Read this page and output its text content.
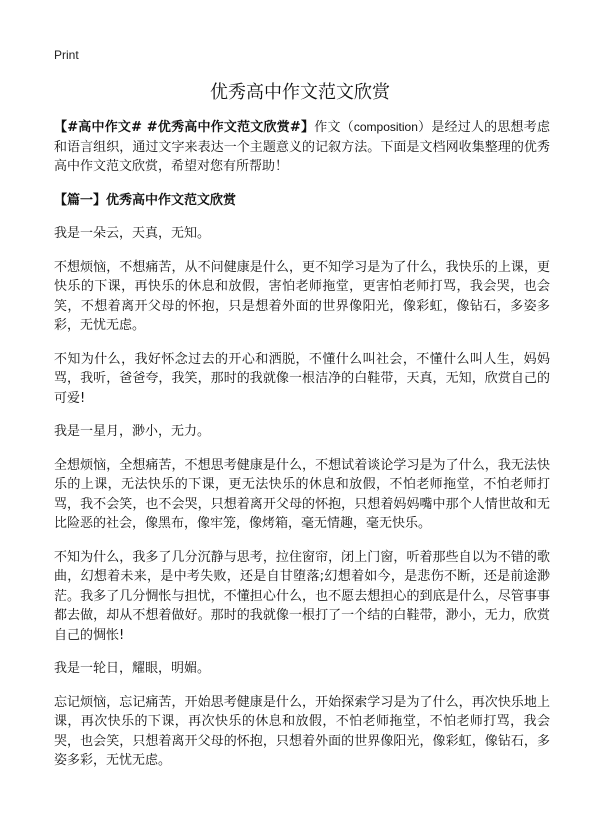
Print
优秀高中作文范文欣赏

【#高中作文# #优秀高中作文范文欣赏#】作文（composition）是经过人的思想考虑和语言组织，通过文字来表达一个主题意义的记叙方法。下面是文档网收集整理的优秀高中作文范文欣赏，希望对您有所帮助！

【篇一】优秀高中作文范文欣赏

我是一朵云，天真，无知。

不想烦恼，不想痛苦，从不问健康是什么，更不知学习是为了什么，我快乐的上课，更快乐的下课，再快乐的休息和放假，害怕老师拖堂，更害怕老师打骂，我会哭，也会笑，不想着离开父母的怀抱，只是想着外面的世界像阳光，像彩虹，像钻石，多姿多彩，无忧无虑。

不知为什么，我好怀念过去的开心和洒脱，不懂什么叫社会，不懂什么叫人生，妈妈骂，我听，爸爸夸，我笑，那时的我就像一根洁净的白鞋带，天真，无知，欣赏自己的可爱!

我是一星月，渺小，无力。

全想烦恼，全想痛苦，不想思考健康是什么，不想试着谈论学习是为了什么，我无法快乐的上课，无法快乐的下课，更无法快乐的休息和放假，不怕老师拖堂，不怕老师打骂，我不会笑，也不会哭，只想着离开父母的怀抱，只想着妈妈嘴中那个人情世故和无比险恶的社会，像黑布，像牢笼，像烤箱，毫无情趣，毫无快乐。

不知为什么，我多了几分沉静与思考，拉住窗帘，闭上门窗，听着那些自以为不错的歌曲，幻想着未来，是中考失败，还是自甘堕落;幻想着如今，是悲伤不断，还是前途渺茫。我多了几分惆怅与担忧，不懂担心什么，也不愿去想担心的到底是什么，尽管事事都去做，却从不想着做好。那时的我就像一根打了一个结的白鞋带，渺小，无力，欣赏自己的惆怅!

我是一轮日，耀眼，明媚。

忘记烦恼，忘记痛苦，开始思考健康是什么，开始探索学习是为了什么，再次快乐地上课，再次快乐的下课，再次快乐的休息和放假，不怕老师拖堂，不怕老师打骂，我会哭，也会笑，只想着离开父母的怀抱，只想着外面的世界像阳光，像彩虹，像钻石，多姿多彩，无忧无虑。
